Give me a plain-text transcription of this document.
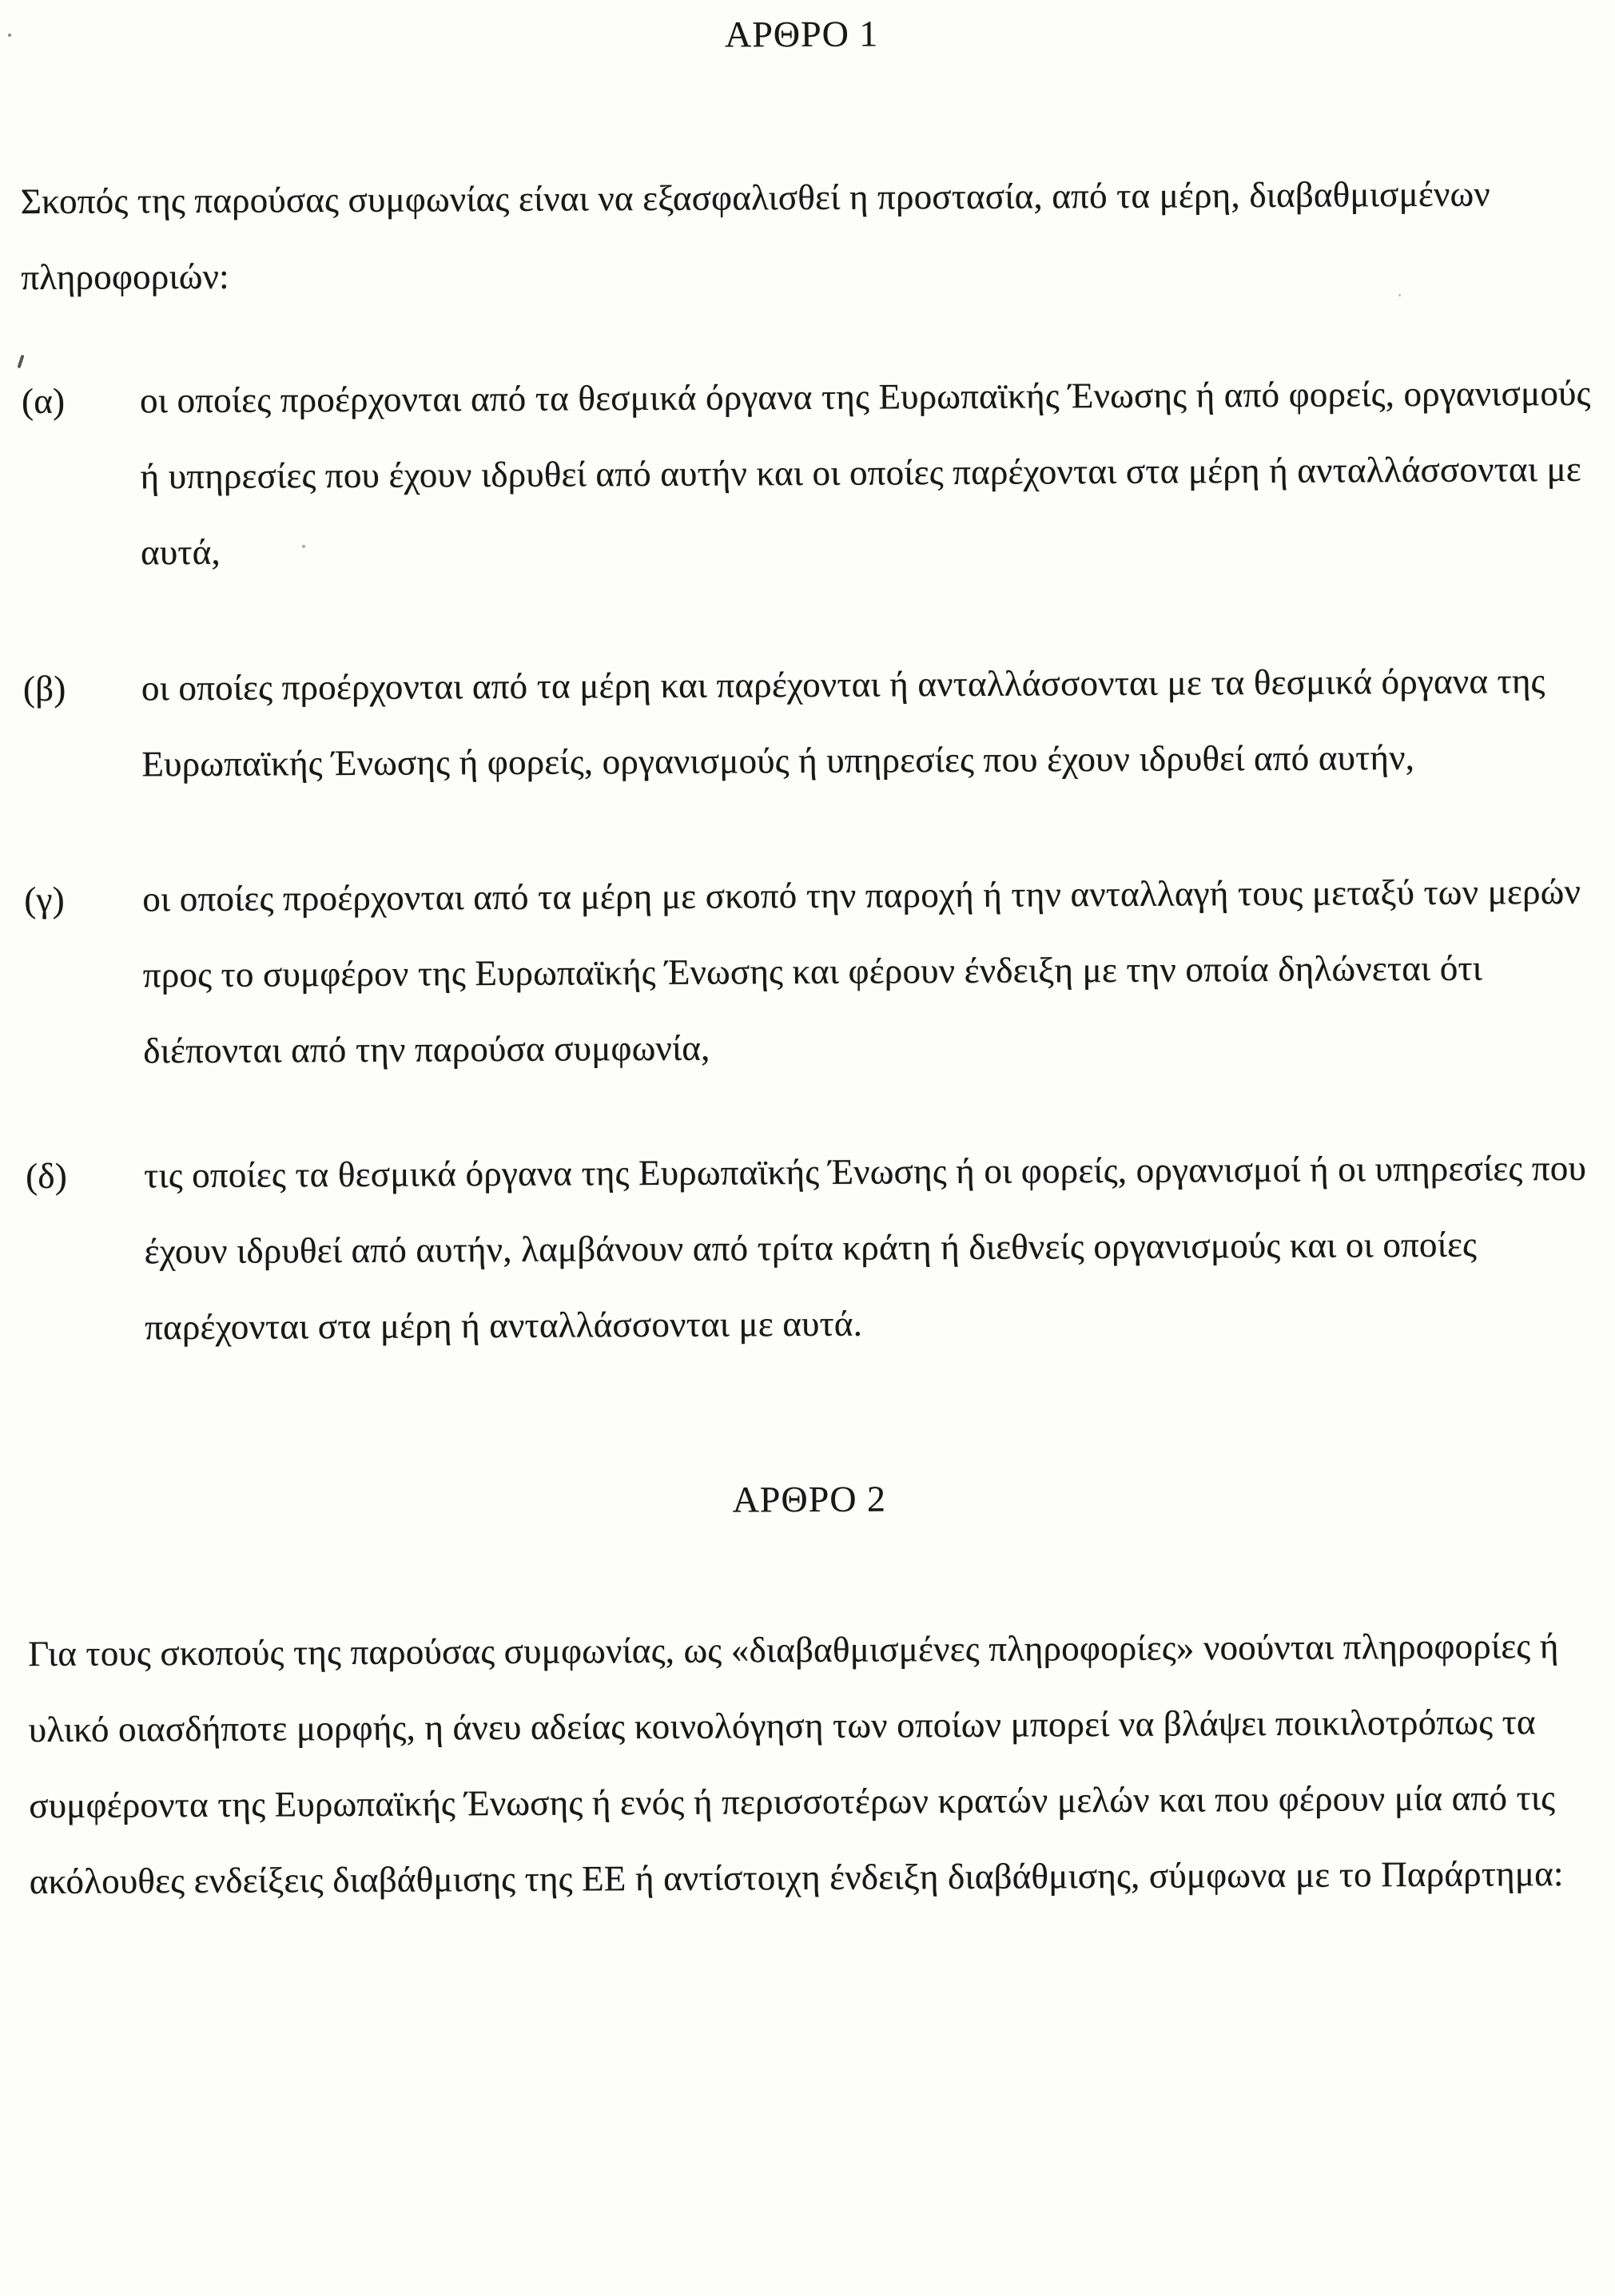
ΑΡΘΡΟ 1

Σκοπός της παρούσας συμφωνίας είναι να εξασφαλισθεί η προστασία, από τα μέρη, διαβαθμισμένων πληροφοριών:

(α)	οι οποίες προέρχονται από τα θεσμικά όργανα της Ευρωπαϊκής Ένωσης ή από φορείς, οργανισμούς ή υπηρεσίες που έχουν ιδρυθεί από αυτήν και οι οποίες παρέχονται στα μέρη ή ανταλλάσσονται με αυτά,
(β)	οι οποίες προέρχονται από τα μέρη και παρέχονται ή ανταλλάσσονται με τα θεσμικά όργανα της Ευρωπαϊκής Ένωσης ή φορείς, οργανισμούς ή υπηρεσίες που έχουν ιδρυθεί από αυτήν,
(γ)	οι οποίες προέρχονται από τα μέρη με σκοπό την παροχή ή την ανταλλαγή τους μεταξύ των μερών προς το συμφέρον της Ευρωπαϊκής Ένωσης και φέρουν ένδειξη με την οποία δηλώνεται ότι διέπονται από την παρούσα συμφωνία,
(δ)	τις οποίες τα θεσμικά όργανα της Ευρωπαϊκής Ένωσης ή οι φορείς, οργανισμοί ή οι υπηρεσίες που έχουν ιδρυθεί από αυτήν, λαμβάνουν από τρίτα κράτη ή διεθνείς οργανισμούς και οι οποίες παρέχονται στα μέρη ή ανταλλάσσονται με αυτά.
ΑΡΘΡΟ 2

Για τους σκοπούς της παρούσας συμφωνίας, ως «διαβαθμισμένες πληροφορίες» νοούνται πληροφορίες ή υλικό οιασδήποτε μορφής, η άνευ αδείας κοινολόγηση των οποίων μπορεί να βλάψει ποικιλοτρόπως τα συμφέροντα της Ευρωπαϊκής Ένωσης ή ενός ή περισσοτέρων κρατών μελών και που φέρουν μία από τις ακόλουθες ενδείξεις διαβάθμισης της ΕΕ ή αντίστοιχη ένδειξη διαβάθμισης, σύμφωνα με το Παράρτημα:
